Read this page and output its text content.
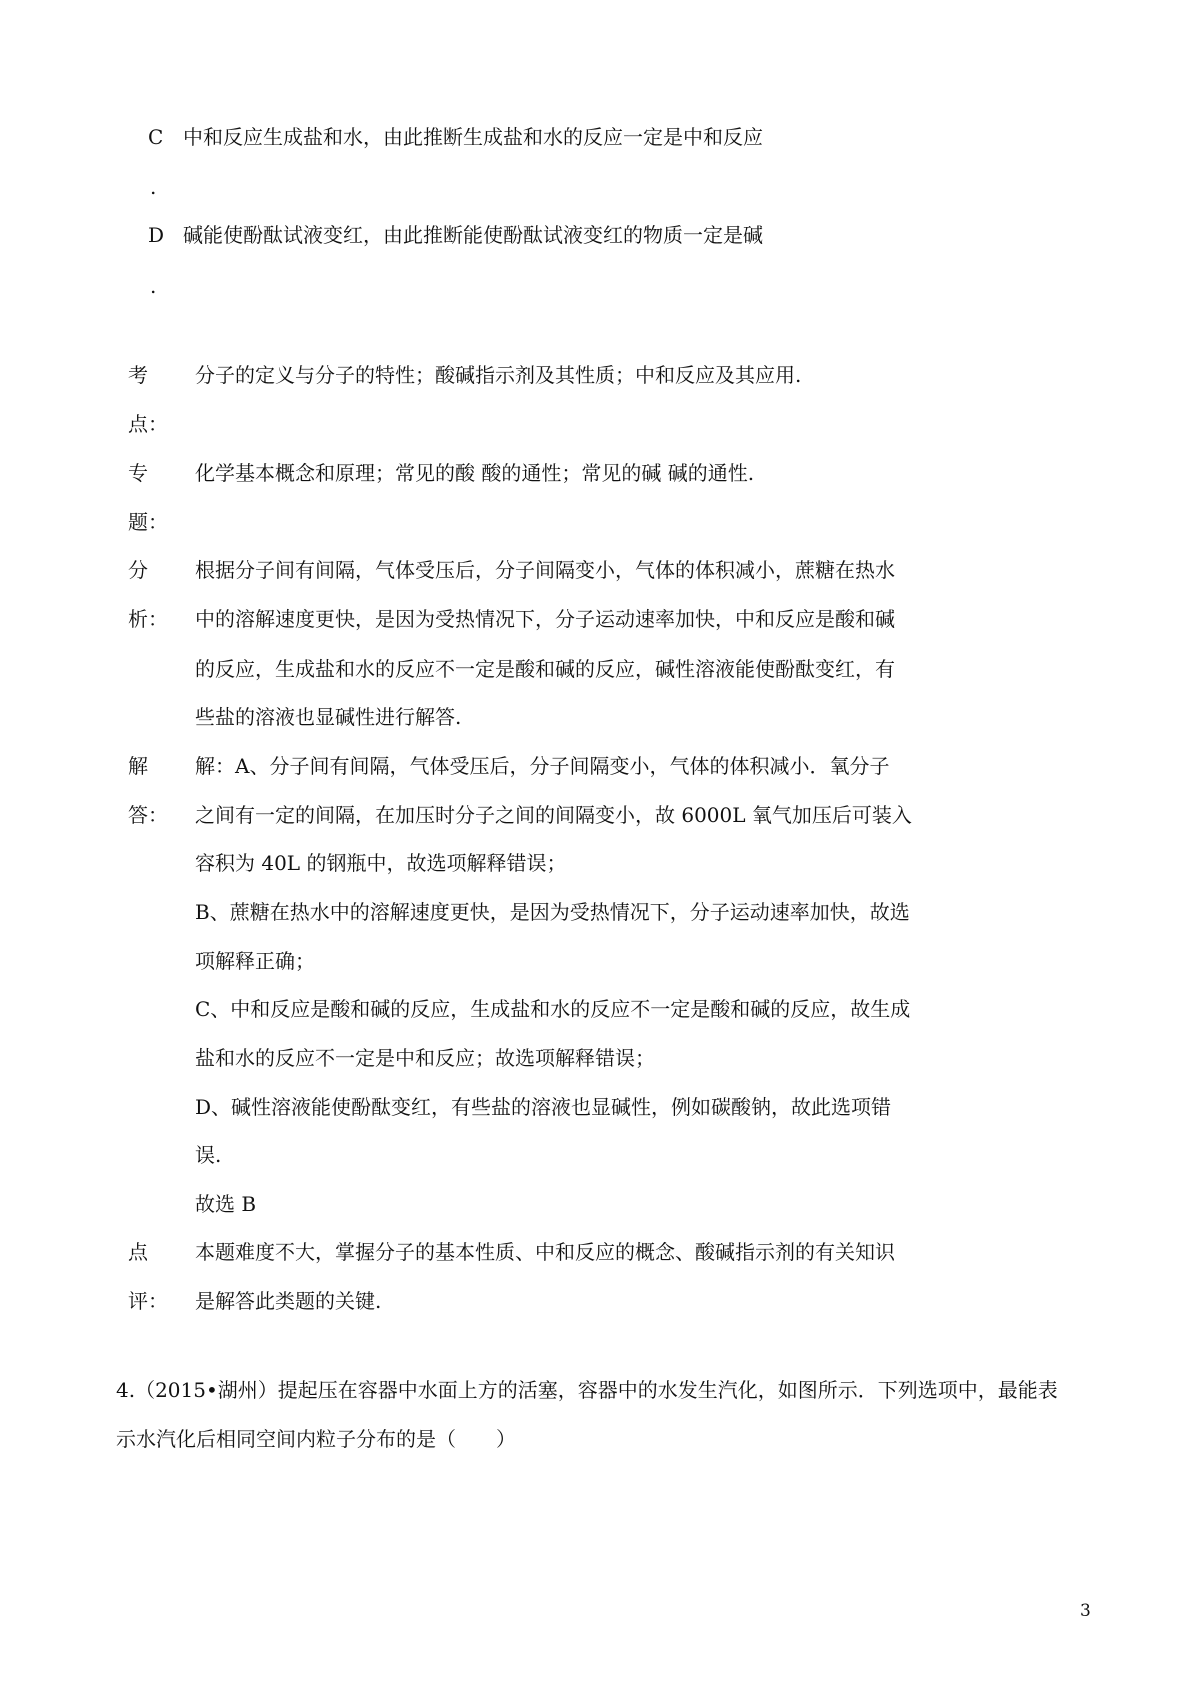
C 中和反应生成盐和水，由此推断生成盐和水的反应一定是中和反应
.
D 碱能使酚酞试液变红，由此推断能使酚酞试液变红的物质一定是碱
.
考
点：
分子的定义与分子的特性；酸碱指示剂及其性质；中和反应及其应用.
专
题：
化学基本概念和原理；常见的酸 酸的通性；常见的碱 碱的通性.
分
析：
根据分子间有间隔，气体受压后，分子间隔变小，气体的体积减小，蔗糖在热水
中的溶解速度更快，是因为受热情况下，分子运动速率加快，中和反应是酸和碱
的反应，生成盐和水的反应不一定是酸和碱的反应，碱性溶液能使酚酞变红，有
些盐的溶液也显碱性进行解答.
解
答：
解：A、分子间有间隔，气体受压后，分子间隔变小，气体的体积减小．氧分子
之间有一定的间隔，在加压时分子之间的间隔变小，故 6000L 氧气加压后可装入
容积为 40L 的钢瓶中，故选项解释错误；
B、蔗糖在热水中的溶解速度更快，是因为受热情况下，分子运动速率加快，故选
项解释正确；
C、中和反应是酸和碱的反应，生成盐和水的反应不一定是酸和碱的反应，故生成
盐和水的反应不一定是中和反应；故选项解释错误；
D、碱性溶液能使酚酞变红，有些盐的溶液也显碱性，例如碳酸钠，故此选项错
误.
故选 B
点
评：
本题难度不大，掌握分子的基本性质、中和反应的概念、酸碱指示剂的有关知识
是解答此类题的关键.
4.（2015•湖州）提起压在容器中水面上方的活塞，容器中的水发生汽化，如图所示．下列选项中，最能表
示水汽化后相同空间内粒子分布的是（　　）
3
